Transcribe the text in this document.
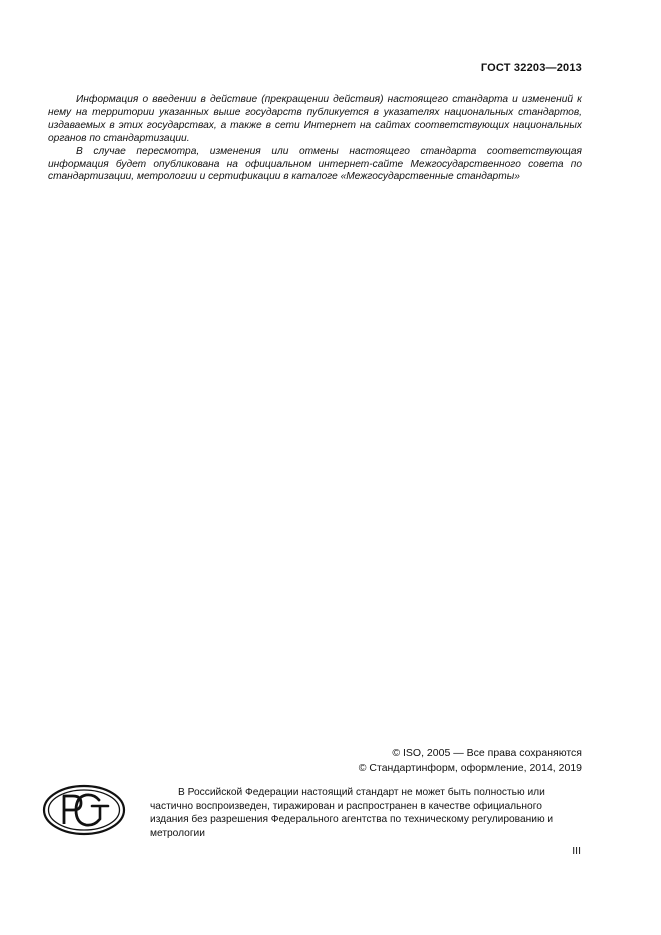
ГОСТ 32203—2013

Информация о введении в действие (прекращении действия) настоящего стандарта и изменений к нему на территории указанных выше государств публикуется в указателях национальных стандартов, издаваемых в этих государствах, а также в сети Интернет на сайтах соответствующих национальных органов по стандартизации.

В случае пересмотра, изменения или отмены настоящего стандарта соответствующая информация будет опубликована на официальном интернет-сайте Межгосударственного совета по стандартизации, метрологии и сертификации в каталоге «Межгосударственные стандарты»

© ISO, 2005 — Все права сохраняются
© Стандартинформ, оформление, 2014, 2019

В Российской Федерации настоящий стандарт не может быть полностью или частично воспроизведен, тиражирован и распространен в качестве официального издания без разрешения Федерального агентства по техническому регулированию и метрологии

III
